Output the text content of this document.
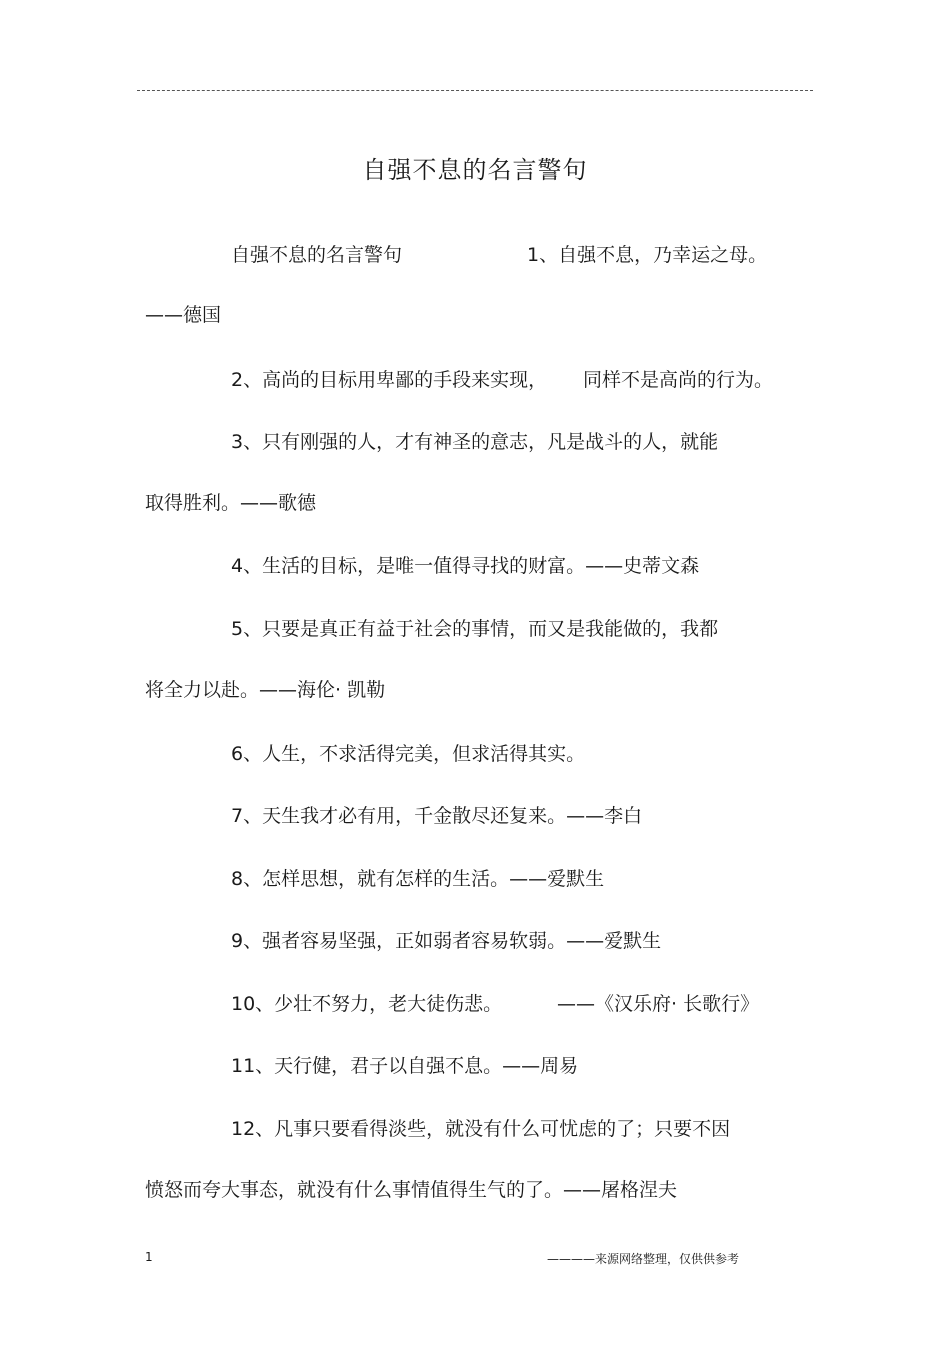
自强不息的名言警句
自强不息的名言警句	1、自强不息，乃幸运之母。
——德国
2、高尚的目标用卑鄙的手段来实现， 同样不是高尚的行为。
3、只有刚强的人，才有神圣的意志，凡是战斗的人，就能
取得胜利。——歌德
4、生活的目标，是唯一值得寻找的财富。——史蒂文森
5、只要是真正有益于社会的事情，而又是我能做的，我都
将全力以赴。——海伦· 凯勒
6、人生，不求活得完美，但求活得其实。
7、天生我才必有用，千金散尽还复来。——李白
8、怎样思想，就有怎样的生活。——爱默生
9、强者容易坚强，正如弱者容易软弱。——爱默生
10、少壮不努力，老大徒伤悲。	——《汉乐府· 长歌行》
11、天行健，君子以自强不息。——周易
12、凡事只要看得淡些，就没有什么可忧虑的了；只要不因
愤怒而夸大事态，就没有什么事情值得生气的了。——屠格涅夫
1	————来源网络整理，仅供供参考
